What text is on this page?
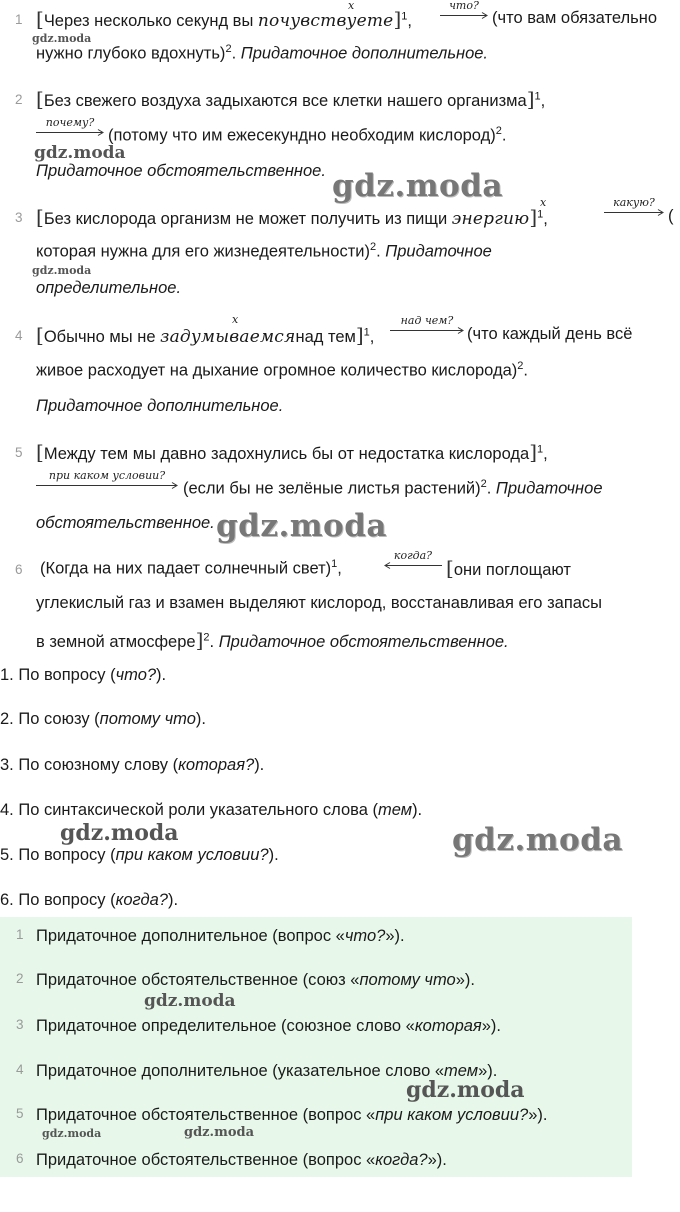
1
x
[Через несколько секунд вы почувствуете]$^1$,
что?
(что вам обязательно
нужно глубоко вдохнуть)$^2$. Придаточное дополнительное.
2 [Без свежего воздуха задыхаются все клетки нашего организма]$^1$,
почему?
(потому что им ежесекундно необходим кислород)$^2$.
Придаточное обстоятельственное.
3
x
[Без кислорода организм не может получить из пищи энергию]$^1$,
какую?
(
которая нужна для его жизнедеятельности)$^2$. Придаточное
определительное.
4
x
[Обычно мы не задумываемсянад тем]$^1$,
над чем?
(что каждый день всё
живое расходует на дыхание огромное количество кислорода)$^2$.
Придаточное дополнительное.
5 [Между тем мы давно задохнулись бы от недостатка кислорода]$^1$,
при каком условии?
(если бы не зелёные листья растений)$^2$. Придаточное
обстоятельственное.
6 (Когда на них падает солнечный свет)$^1$,
когда?
[они поглощают
углекислый газ и взамен выделяют кислород, восстанавливая его запасы
в земной атмосфере]$^2$. Придаточное обстоятельственное.
1. По вопросу (что?).
2. По союзу (потому что).
3. По союзному слову (которая?).
4. По синтаксической роли указательного слова (тем).
5. По вопросу (при каком условии?).
6. По вопросу (когда?).
1 Придаточное дополнительное (вопрос «что?»).
2 Придаточное обстоятельственное (союз «потому что»).
3 Придаточное определительное (союзное слово «которая»).
4 Придаточное дополнительное (указательное слово «тем»).
5 Придаточное обстоятельственное (вопрос «при каком условии?»).
6 Придаточное обстоятельственное (вопрос «когда?»).
gdz.moda
gdz.moda
gdz.moda
gdz.moda
gdz.moda
gdz.moda	gdz.moda
gdz.moda
gdz.moda
gdz.moda	gdz.moda
